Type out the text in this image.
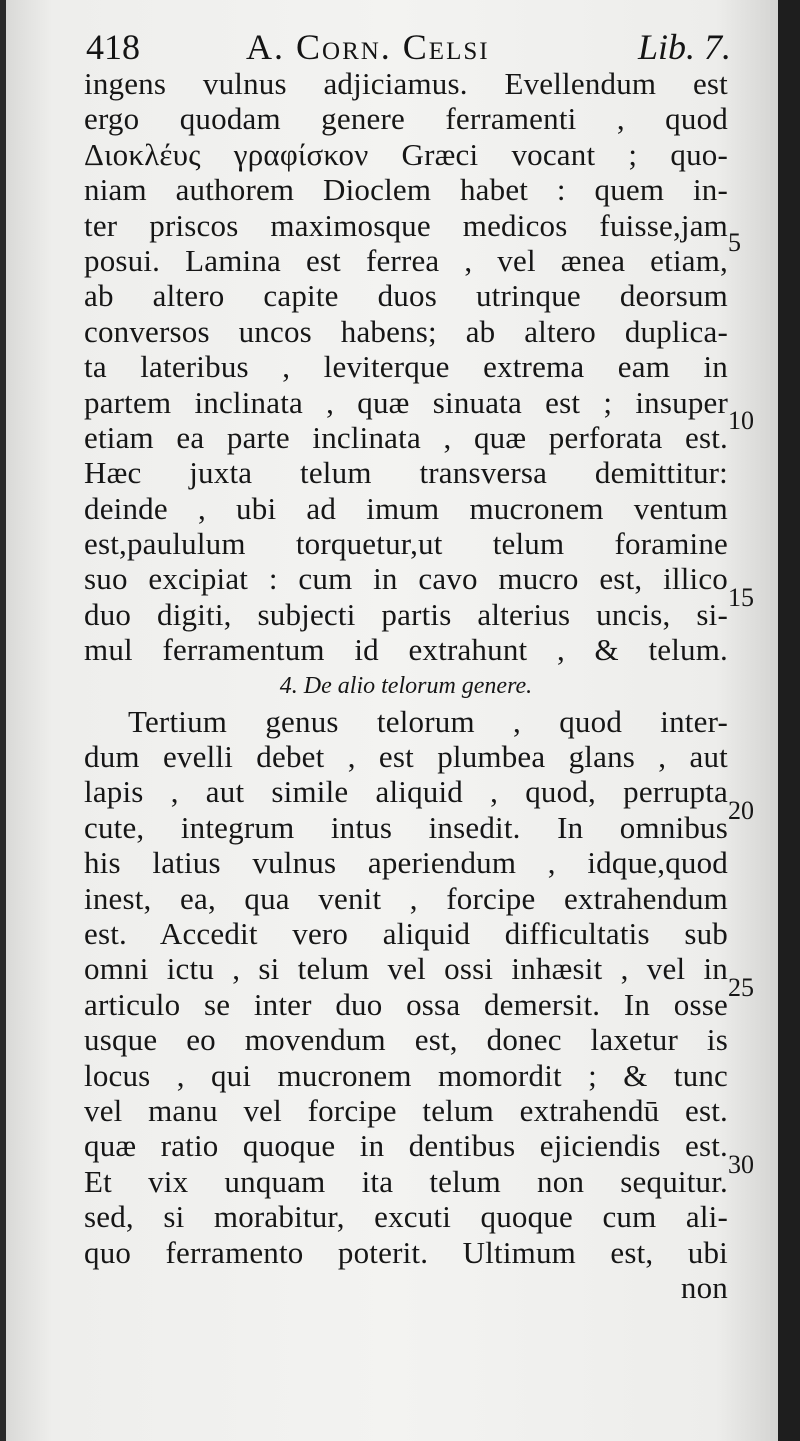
418	A. Corn. Celsi	Lib. 7.
ingens vulnus adjiciamus. Evellendum est
ergo quodam genere ferramenti , quod
Διοκλέυς γραφίσκον Græci vocant ; quo-
niam authorem Dioclem habet : quem in-
ter priscos maximosque medicos fuisse,jam
posui. Lamina est ferrea , vel ænea etiam,
ab altero capite duos utrinque deorsum
conversos uncos habens; ab altero duplica-
ta lateribus , leviterque extrema eam in
partem inclinata , quæ sinuata est ; insuper
etiam ea parte inclinata , quæ perforata est.
Hæc juxta telum transversa demittitur:
deinde , ubi ad imum mucronem ventum
est,paululum torquetur,ut telum foramine
suo excipiat : cum in cavo mucro est, illico
duo digiti, subjecti partis alterius uncis, si-
mul ferramentum id extrahunt , & telum.
4. De alio telorum genere.
Tertium genus telorum , quod inter-
dum evelli debet , est plumbea glans , aut
lapis , aut simile aliquid , quod, perrupta
cute, integrum intus insedit. In omnibus
his latius vulnus aperiendum , idque,quod
inest, ea, qua venit , forcipe extrahendum
est. Accedit vero aliquid difficultatis sub
omni ictu , si telum vel ossi inhæsit , vel in
articulo se inter duo ossa demersit. In osse
usque eo movendum est, donec laxetur is
locus , qui mucronem momordit ; & tunc
vel manu vel forcipe telum extrahendū est.
quæ ratio quoque in dentibus ejiciendis est.
Et vix unquam ita telum non sequitur.
sed, si morabitur, excuti quoque cum ali-
quo ferramento poterit. Ultimum est, ubi
non
5
10
15
20
25
30
